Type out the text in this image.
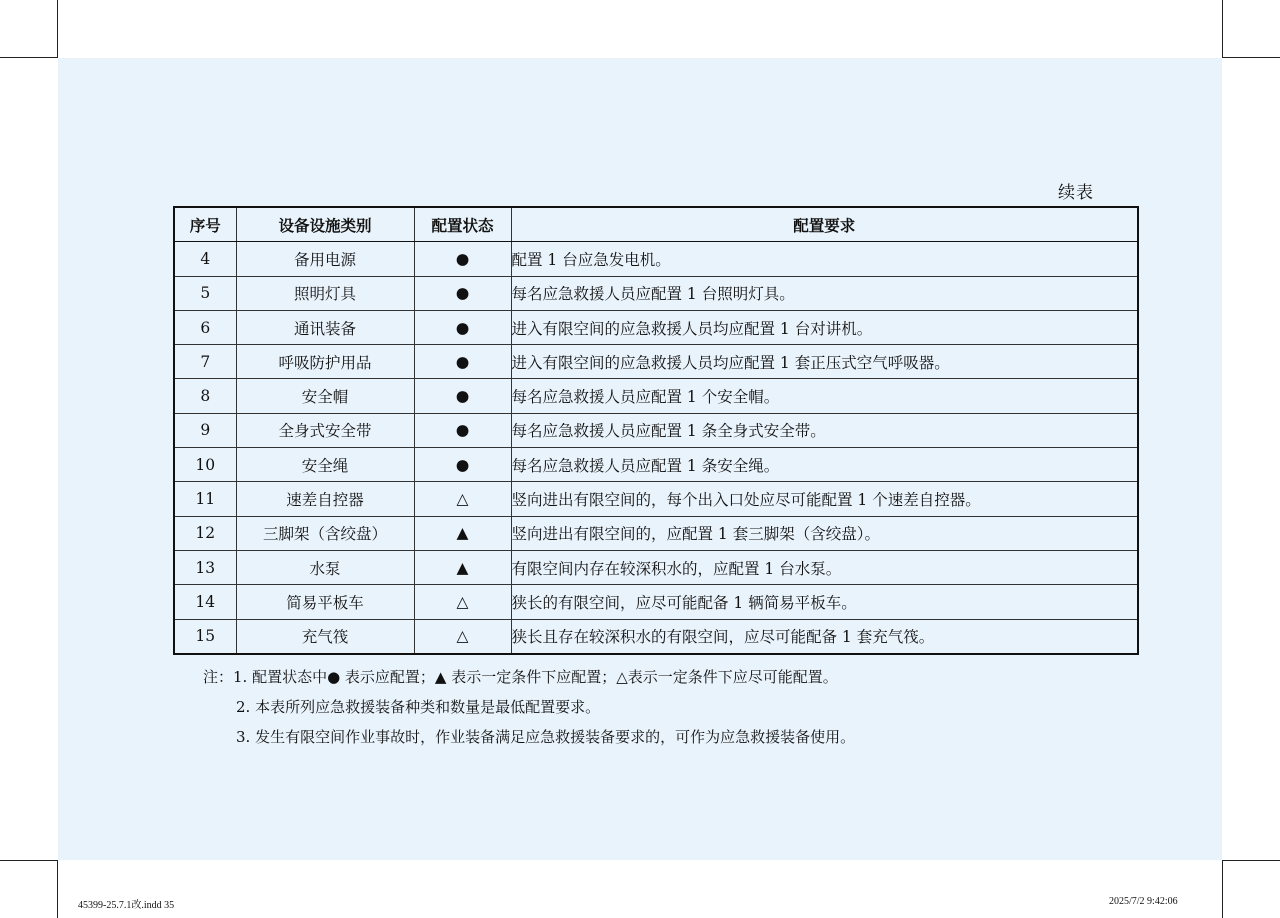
续表
序号	设备设施类别	配置状态	配置要求
4	备用电源	●	配置 1 台应急发电机。
5	照明灯具	●	每名应急救援人员应配置 1 台照明灯具。
6	通讯装备	●	进入有限空间的应急救援人员均应配置 1 台对讲机。
7	呼吸防护用品	●	进入有限空间的应急救援人员均应配置 1 套正压式空气呼吸器。
8	安全帽	●	每名应急救援人员应配置 1 个安全帽。
9	全身式安全带	●	每名应急救援人员应配置 1 条全身式安全带。
10	安全绳	●	每名应急救援人员应配置 1 条安全绳。
11	速差自控器	△	竖向进出有限空间的，每个出入口处应尽可能配置 1 个速差自控器。
12	三脚架（含绞盘）	▲	竖向进出有限空间的，应配置 1 套三脚架（含绞盘）。
13	水泵	▲	有限空间内存在较深积水的，应配置 1 台水泵。
14	简易平板车	△	狭长的有限空间，应尽可能配备 1 辆简易平板车。
15	充气筏	△	狭长且存在较深积水的有限空间，应尽可能配备 1 套充气筏。
注：1. 配置状态中● 表示应配置；▲ 表示一定条件下应配置；△表示一定条件下应尽可能配置。
2. 本表所列应急救援装备种类和数量是最低配置要求。
3. 发生有限空间作业事故时，作业装备满足应急救援装备要求的，可作为应急救援装备使用。
45399-25.7.1改.indd 35	2025/7/2 9:42:06
